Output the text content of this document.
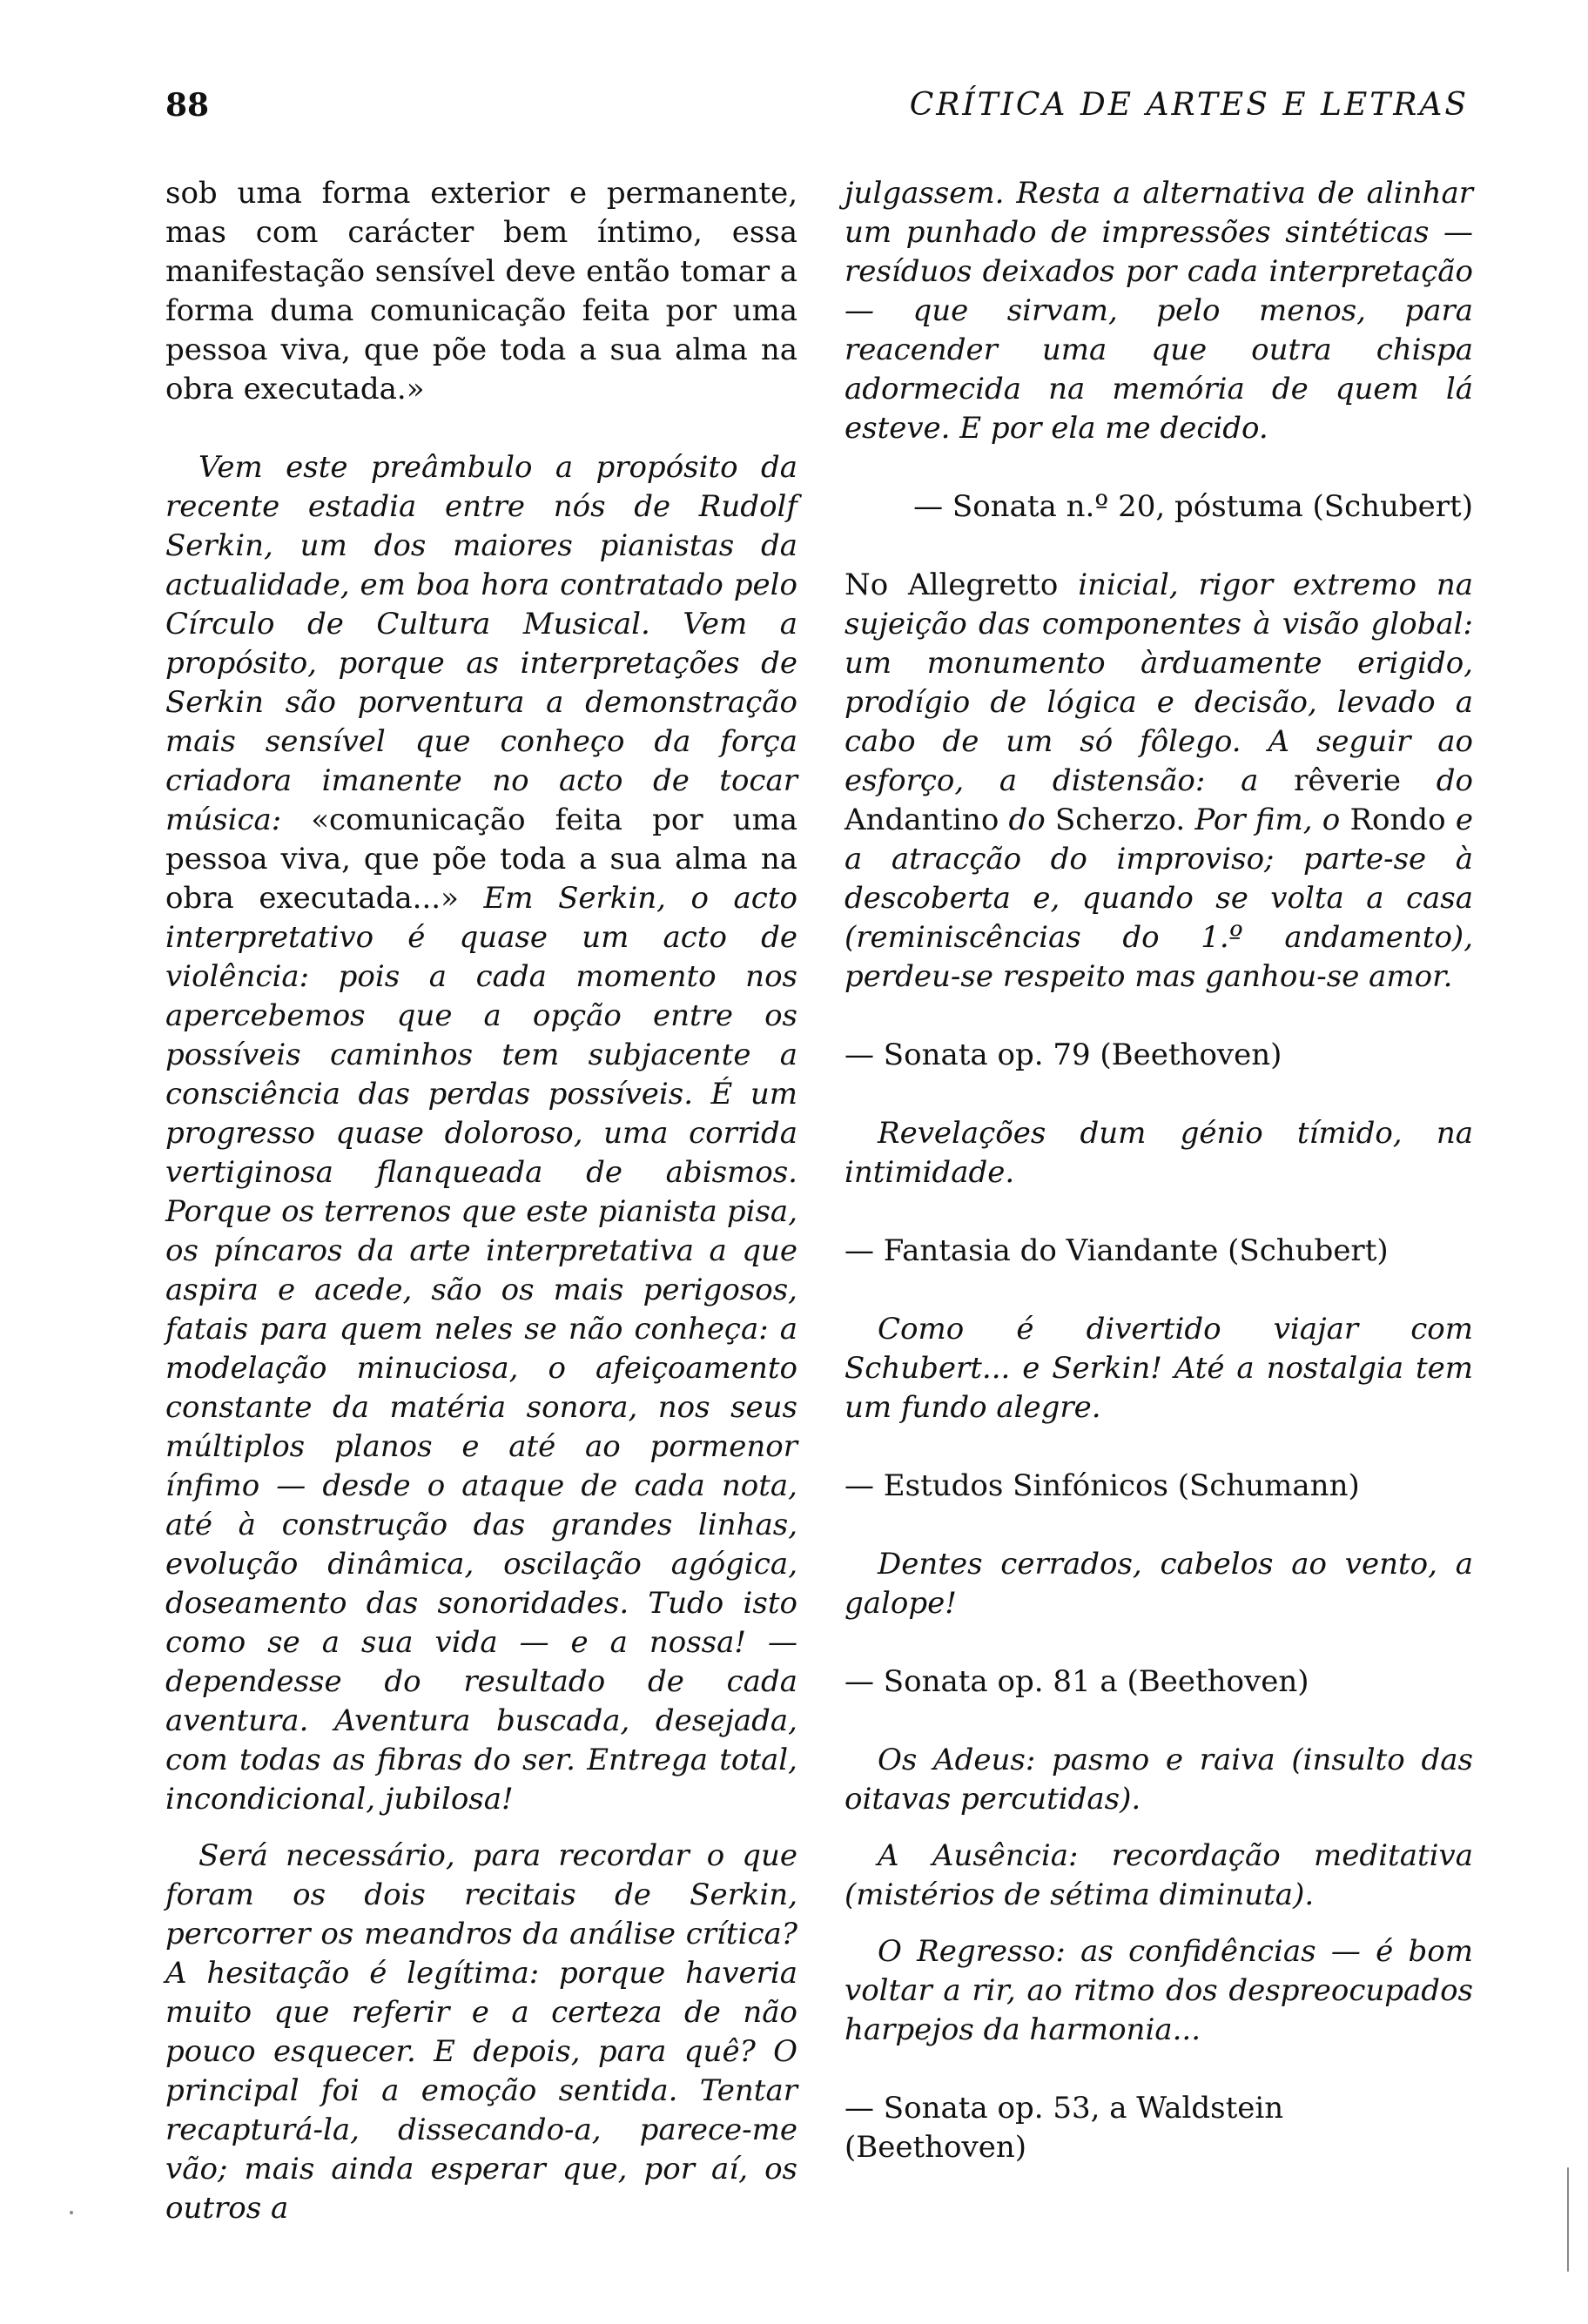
88	CRÍTICA DE ARTES E LETRAS

sob uma forma exterior e permanente, mas com carácter bem íntimo, essa manifestação sensível deve então tomar a forma duma comunicação feita por uma pessoa viva, que põe toda a sua alma na obra executada.»

Vem este preâmbulo a propósito da recente estadia entre nós de Rudolf Serkin, um dos maiores pianistas da actualidade, em boa hora contratado pelo Círculo de Cultura Musical. Vem a propósito, porque as interpretações de Serkin são porventura a demonstração mais sensível que conheço da força criadora imanente no acto de tocar música: «comunicação feita por uma pessoa viva, que põe toda a sua alma na obra executada...» Em Serkin, o acto interpretativo é quase um acto de violência: pois a cada momento nos apercebemos que a opção entre os possíveis caminhos tem subjacente a consciência das perdas possíveis. É um progresso quase doloroso, uma corrida vertiginosa flanqueada de abismos. Porque os terrenos que este pianista pisa, os píncaros da arte interpretativa a que aspira e acede, são os mais perigosos, fatais para quem neles se não conheça: a modelação minuciosa, o afeiçoamento constante da matéria sonora, nos seus múltiplos planos e até ao pormenor ínfimo — desde o ataque de cada nota, até à construção das grandes linhas, evolução dinâmica, oscilação agógica, doseamento das sonoridades. Tudo isto como se a sua vida — e a nossa! — dependesse do resultado de cada aventura. Aventura buscada, desejada, com todas as fibras do ser. Entrega total, incondicional, jubilosa!

Será necessário, para recordar o que foram os dois recitais de Serkin, percorrer os meandros da análise crítica? A hesitação é legítima: porque haveria muito que referir e a certeza de não pouco esquecer. E depois, para quê? O principal foi a emoção sentida. Tentar recapturá-la, dissecando-a, parece-me vão; mais ainda esperar que, por aí, os outros a

julgassem. Resta a alternativa de alinhar um punhado de impressões sintéticas — resíduos deixados por cada interpretação — que sirvam, pelo menos, para reacender uma que outra chispa adormecida na memória de quem lá esteve. E por ela me decido.

— Sonata n.º 20, póstuma (Schubert)

No Allegretto inicial, rigor extremo na sujeição das componentes à visão global: um monumento àrduamente erigido, prodígio de lógica e decisão, levado a cabo de um só fôlego. A seguir ao esforço, a distensão: a rêverie do Andantino do Scherzo. Por fim, o Rondo e a atracção do improviso; parte-se à descoberta e, quando se volta a casa (reminiscências do 1.º andamento), perdeu-se respeito mas ganhou-se amor.

— Sonata op. 79 (Beethoven)

Revelações dum génio tímido, na intimidade.

— Fantasia do Viandante (Schubert)

Como é divertido viajar com Schubert... e Serkin! Até a nostalgia tem um fundo alegre.

— Estudos Sinfónicos (Schumann)

Dentes cerrados, cabelos ao vento, a galope!

— Sonata op. 81 a (Beethoven)

Os Adeus: pasmo e raiva (insulto das oitavas percutidas).

A Ausência: recordação meditativa (mistérios de sétima diminuta).

O Regresso: as confidências — é bom voltar a rir, ao ritmo dos despreocupados harpejos da harmonia...

— Sonata op. 53, a Waldstein (Beethoven)
